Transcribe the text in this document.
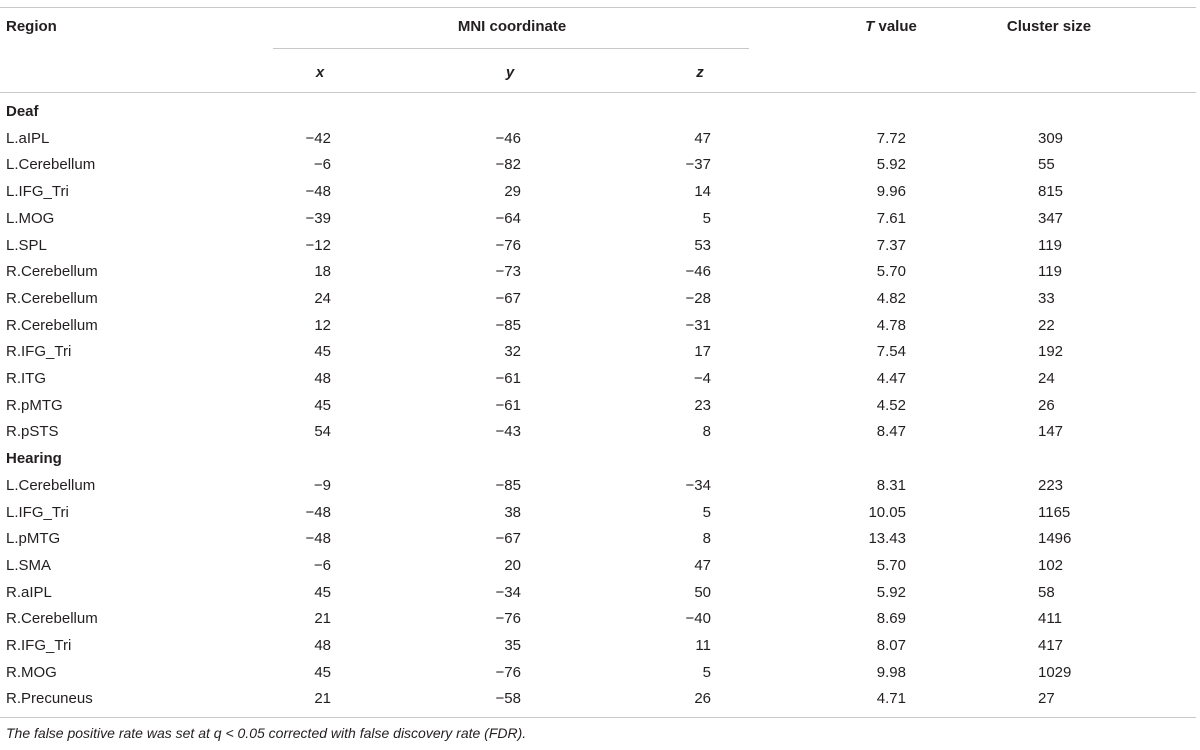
Region	MNI coordinate	T value	Cluster size
x	y	z
Deaf
L.aIPL	−42	−46	47	7.72	309
L.Cerebellum	−6	−82	−37	5.92	55
L.IFG_Tri	−48	29	14	9.96	815
L.MOG	−39	−64	5	7.61	347
L.SPL	−12	−76	53	7.37	119
R.Cerebellum	18	−73	−46	5.70	119
R.Cerebellum	24	−67	−28	4.82	33
R.Cerebellum	12	−85	−31	4.78	22
R.IFG_Tri	45	32	17	7.54	192
R.ITG	48	−61	−4	4.47	24
R.pMTG	45	−61	23	4.52	26
R.pSTS	54	−43	8	8.47	147
Hearing
L.Cerebellum	−9	−85	−34	8.31	223
L.IFG_Tri	−48	38	5	10.05	1165
L.pMTG	−48	−67	8	13.43	1496
L.SMA	−6	20	47	5.70	102
R.aIPL	45	−34	50	5.92	58
R.Cerebellum	21	−76	−40	8.69	411
R.IFG_Tri	48	35	11	8.07	417
R.MOG	45	−76	5	9.98	1029
R.Precuneus	21	−58	26	4.71	27
The false positive rate was set at q < 0.05 corrected with false discovery rate (FDR).
